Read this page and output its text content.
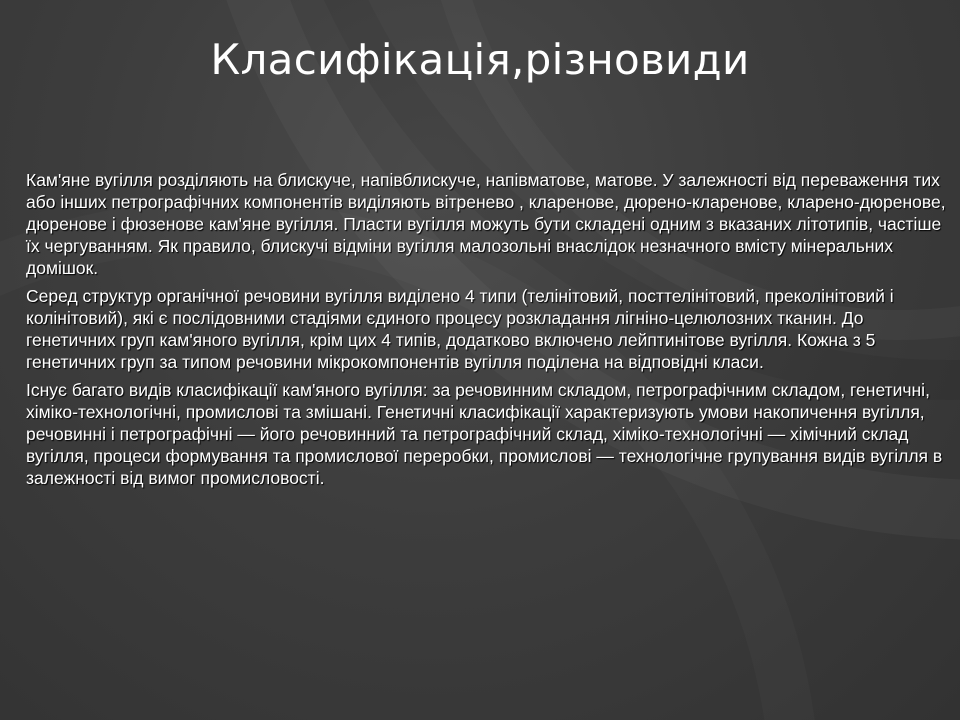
Класифікація,різновиди

Кам'яне вугілля розділяють на блискуче, напівблискуче, напівматове, матове. У залежності від переваження тих або інших петрографічних компонентів виділяють вітренево , кларенове, дюрено-кларенове, кларено-дюренове, дюренове і фюзенове кам'яне вугілля. Пласти вугілля можуть бути складені одним з вказаних літотипів, частіше їх чергуванням. Як правило, блискучі відміни вугілля малозольні внаслідок незначного вмісту мінеральних домішок.

Серед структур органічної речовини вугілля виділено 4 типи (телінітовий, посттелінітовий, преколінітовий і колінітовий), які є послідовними стадіями єдиного процесу розкладання лігніно-целюлозних тканин. До генетичних груп кам'яного вугілля, крім цих 4 типів, додатково включено лейптинітове вугілля. Кожна з 5 генетичних груп за типом речовини мікрокомпонентів вугілля поділена на відповідні класи.

Існує багато видів класифікації кам'яного вугілля: за речовинним складом, петрографічним складом, генетичні, хіміко-технологічні, промислові та змішані. Генетичні класифікації характеризують умови накопичення вугілля, речовинні і петрографічні — його речовинний та петрографічний склад, хіміко-технологічні — хімічний склад вугілля, процеси формування та промислової переробки, промислові — технологічне групування видів вугілля в залежності від вимог промисловості.
